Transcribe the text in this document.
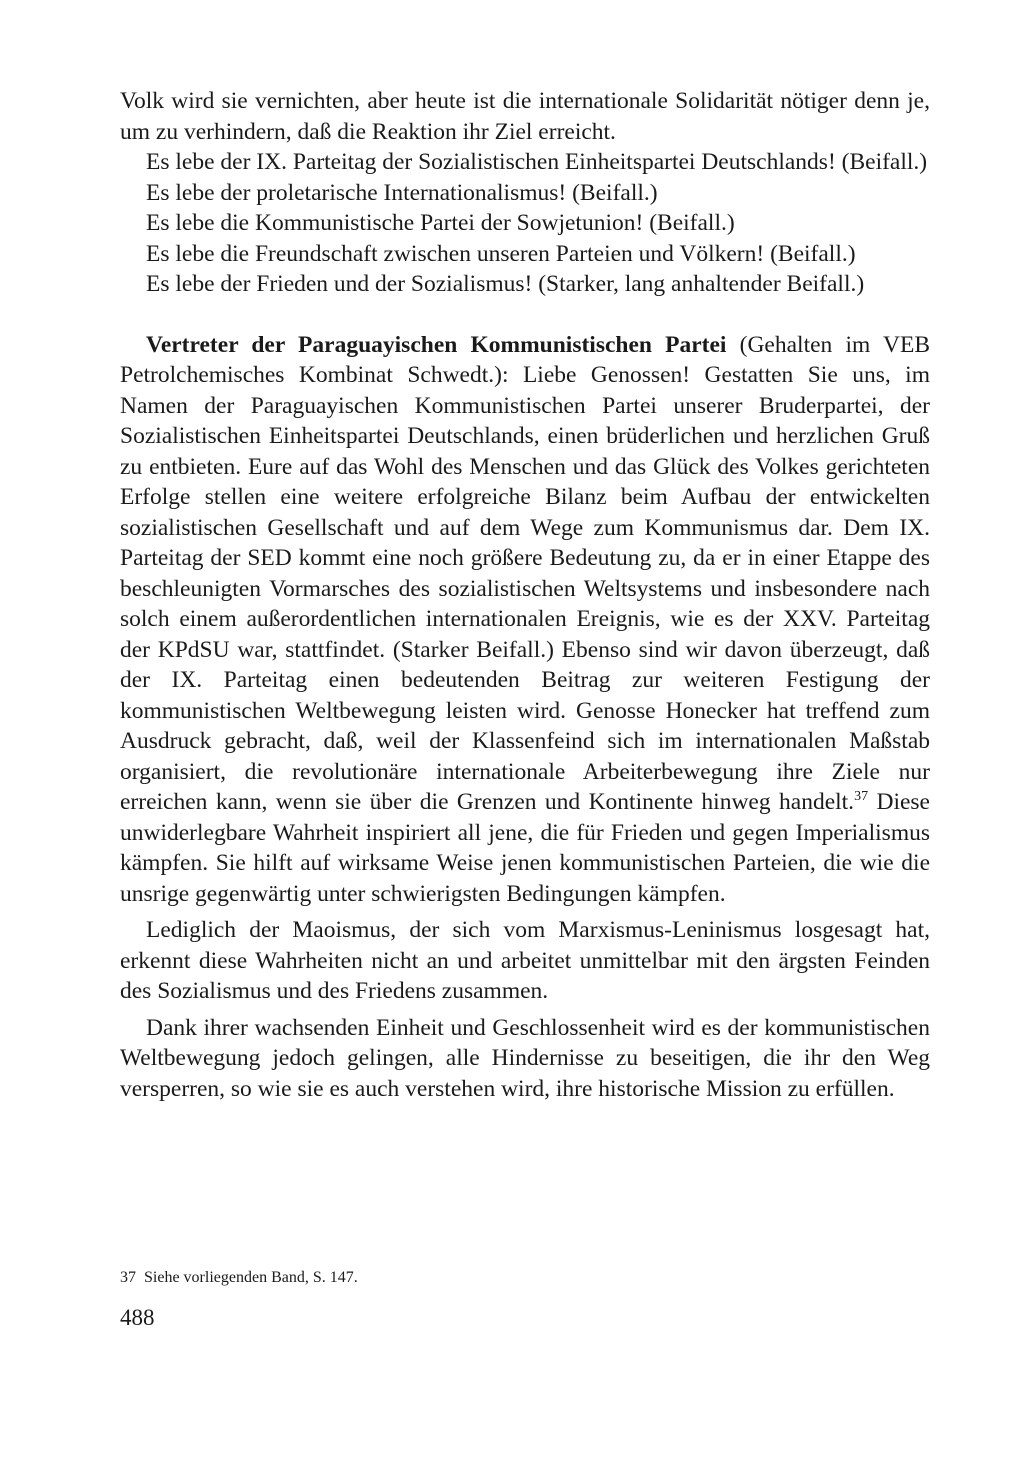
Volk wird sie vernichten, aber heute ist die internationale Solidarität nötiger denn je, um zu verhindern, daß die Reaktion ihr Ziel erreicht.

Es lebe der IX. Parteitag der Sozialistischen Einheitspartei Deutschlands! (Beifall.)

Es lebe der proletarische Internationalismus! (Beifall.)

Es lebe die Kommunistische Partei der Sowjetunion! (Beifall.)

Es lebe die Freundschaft zwischen unseren Parteien und Völkern! (Beifall.)

Es lebe der Frieden und der Sozialismus! (Starker, lang anhaltender Beifall.)

Vertreter der Paraguayischen Kommunistischen Partei (Gehalten im VEB Petrolchemisches Kombinat Schwedt.): Liebe Genossen! Gestatten Sie uns, im Namen der Paraguayischen Kommunistischen Partei unserer Bruderpartei, der Sozialistischen Einheitspartei Deutschlands, einen brüderlichen und herzlichen Gruß zu entbieten. Eure auf das Wohl des Menschen und das Glück des Volkes gerichteten Erfolge stellen eine weitere erfolgreiche Bilanz beim Aufbau der entwickelten sozialistischen Gesellschaft und auf dem Wege zum Kommunismus dar. Dem IX. Parteitag der SED kommt eine noch größere Bedeutung zu, da er in einer Etappe des beschleunigten Vormarsches des sozialistischen Weltsystems und insbesondere nach solch einem außerordentlichen internationalen Ereignis, wie es der XXV. Parteitag der KPdSU war, stattfindet. (Starker Beifall.) Ebenso sind wir davon überzeugt, daß der IX. Parteitag einen bedeutenden Beitrag zur weiteren Festigung der kommunistischen Weltbewegung leisten wird. Genosse Honecker hat treffend zum Ausdruck gebracht, daß, weil der Klassenfeind sich im internationalen Maßstab organisiert, die revolutionäre internationale Arbeiterbewegung ihre Ziele nur erreichen kann, wenn sie über die Grenzen und Kontinente hinweg handelt.$^{37}$ Diese unwiderlegbare Wahrheit inspiriert all jene, die für Frieden und gegen Imperialismus kämpfen. Sie hilft auf wirksame Weise jenen kommunistischen Parteien, die wie die unsrige gegenwärtig unter schwierigsten Bedingungen kämpfen.

Lediglich der Maoismus, der sich vom Marxismus-Leninismus losgesagt hat, erkennt diese Wahrheiten nicht an und arbeitet unmittelbar mit den ärgsten Feinden des Sozialismus und des Friedens zusammen.

Dank ihrer wachsenden Einheit und Geschlossenheit wird es der kommunistischen Weltbewegung jedoch gelingen, alle Hindernisse zu beseitigen, die ihr den Weg versperren, so wie sie es auch verstehen wird, ihre historische Mission zu erfüllen.

37 Siehe vorliegenden Band, S. 147.
488
